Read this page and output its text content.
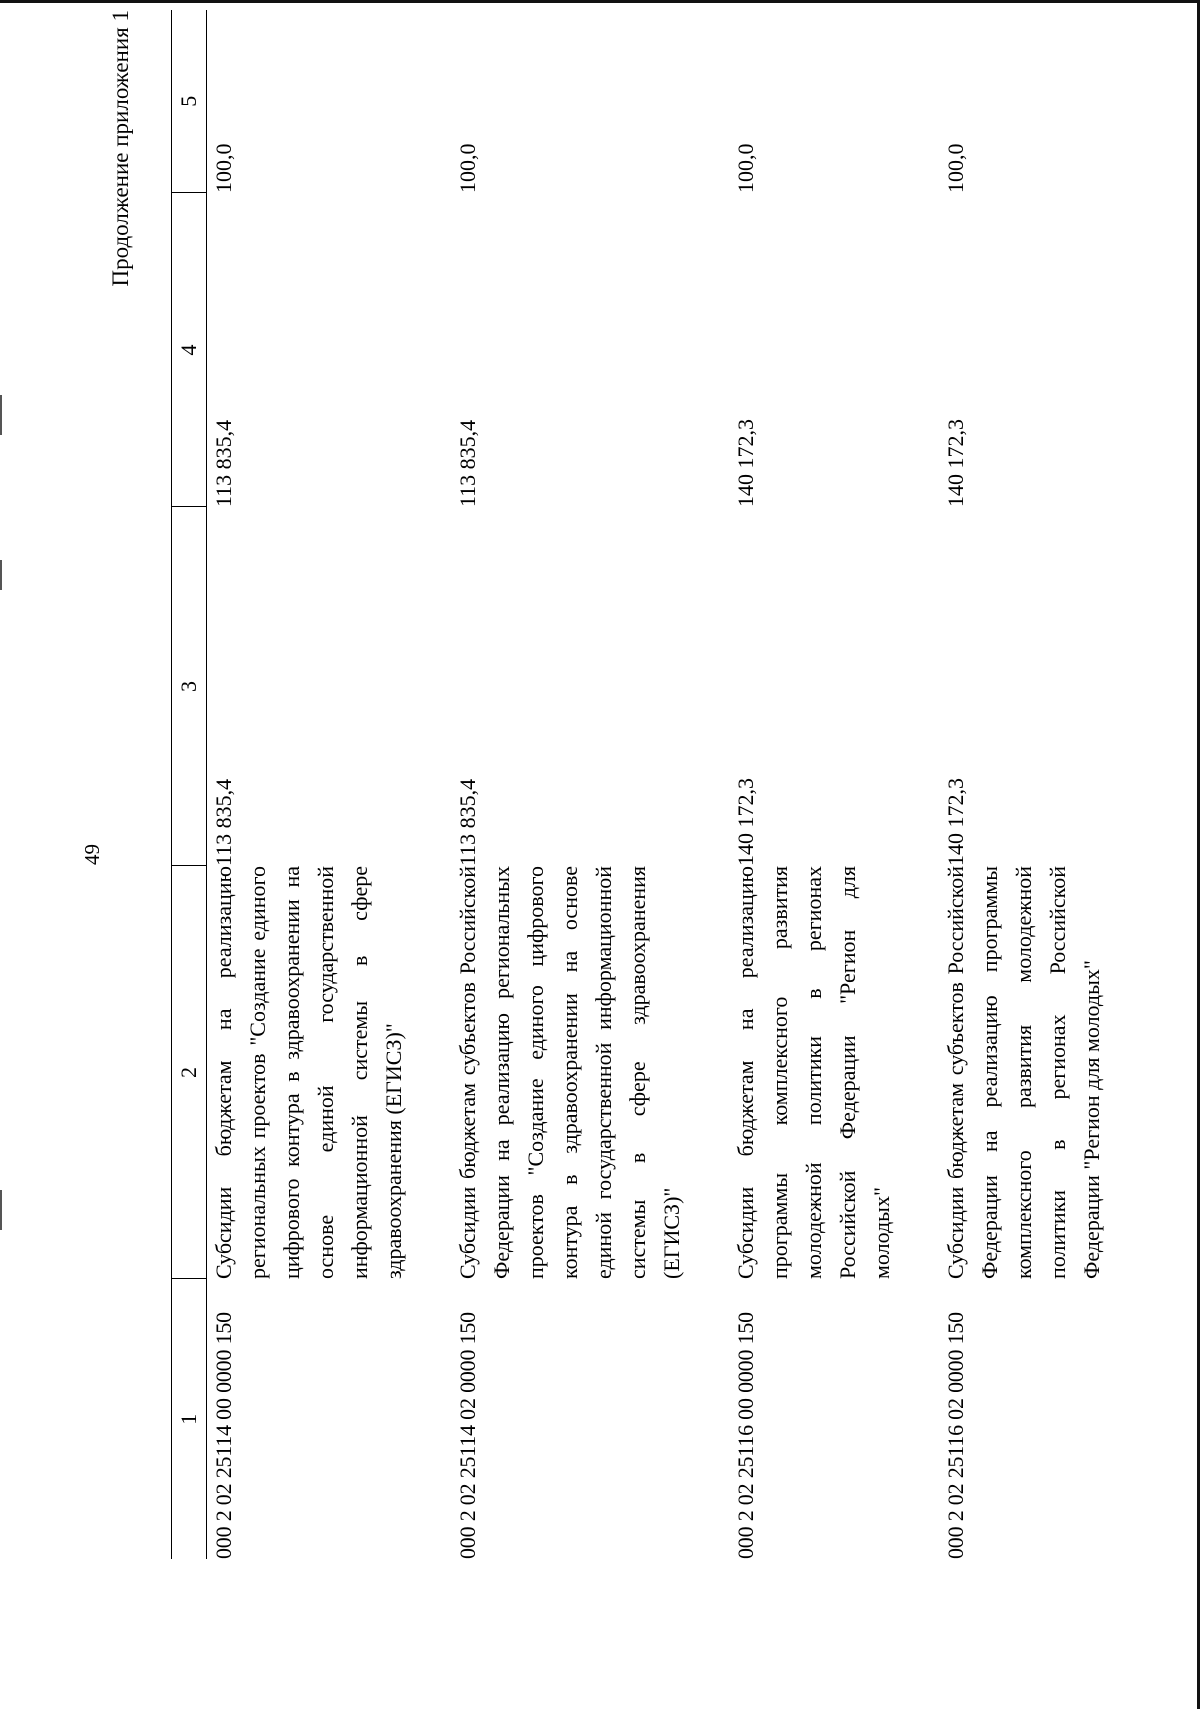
49
Продолжение приложения 1
1	2	3	4	5
000 2 02 25114 00 0000 150	Субсидии бюджетам на реализацию региональных проектов "Создание единого цифрового контура в здравоохранении на основе единой государственной информационной системы в сфере здравоохранения (ЕГИСЗ)"	113 835,4	113 835,4	100,0
000 2 02 25114 02 0000 150	Субсидии бюджетам субъектов Российской Федерации на реализацию региональных проектов "Создание единого цифрового контура в здравоохранении на основе единой государственной информационной системы в сфере здравоохранения (ЕГИСЗ)"	113 835,4	113 835,4	100,0
000 2 02 25116 00 0000 150	Субсидии бюджетам на реализацию программы комплексного развития молодежной политики в регионах Российской Федерации "Регион для молодых"	140 172,3	140 172,3	100,0
000 2 02 25116 02 0000 150	Субсидии бюджетам субъектов Российской Федерации на реализацию программы комплексного развития молодежной политики в регионах Российской Федерации "Регион для молодых"	140 172,3	140 172,3	100,0
